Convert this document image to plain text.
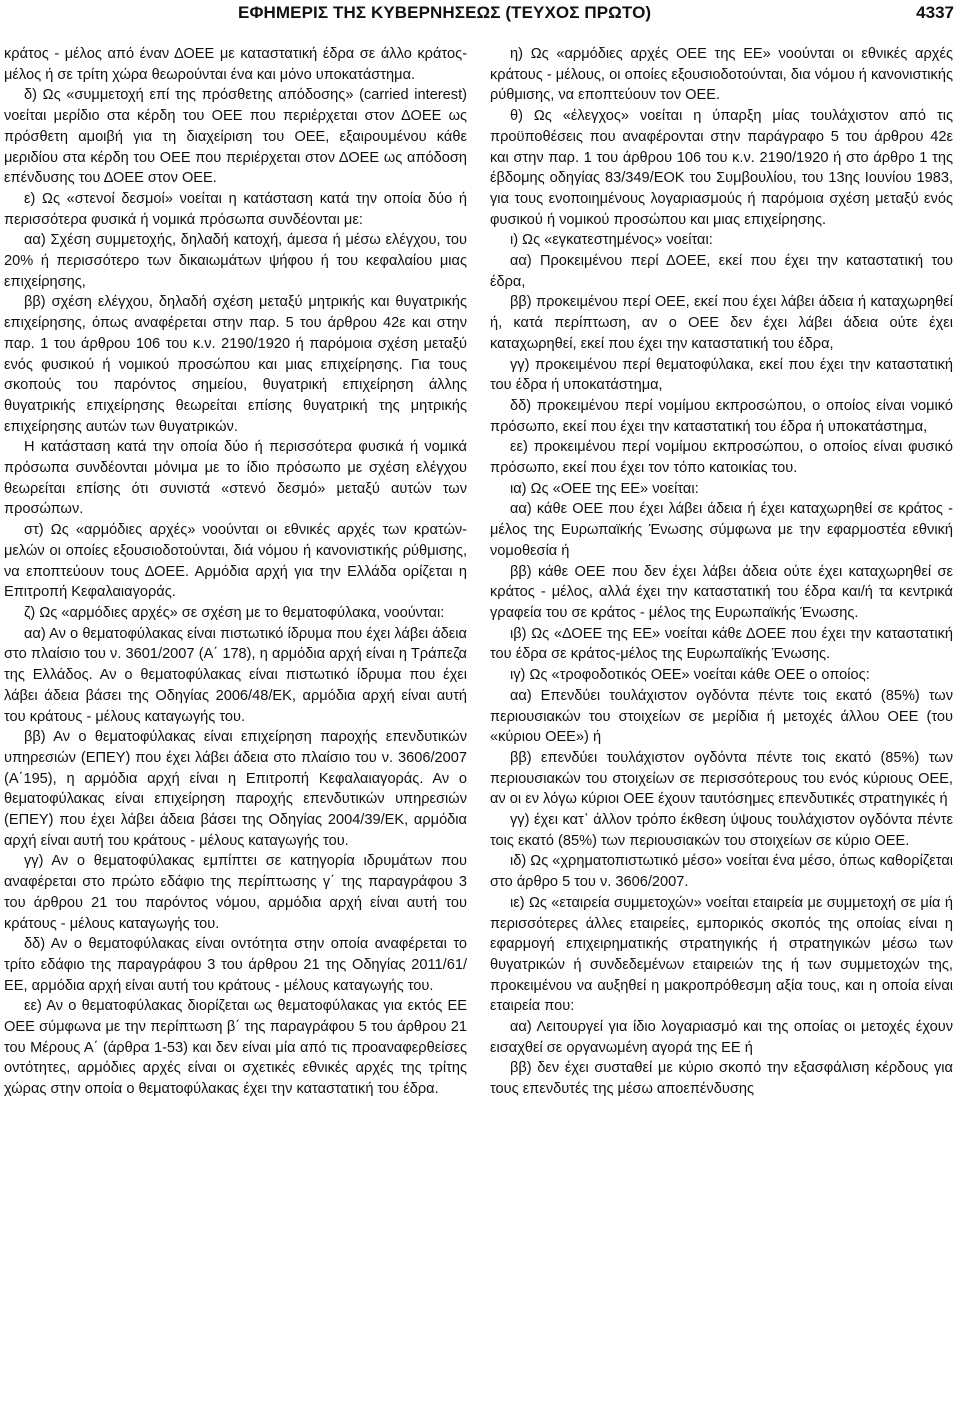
ΕΦΗΜΕΡΙΣ ΤΗΣ ΚΥΒΕΡΝΗΣΕΩΣ (ΤΕΥΧΟΣ ΠΡΩΤΟ)	4337

κράτος - μέλος από έναν ΔΟΕΕ με καταστατική έδρα σε άλλο κράτος-μέλος ή σε τρίτη χώρα θεωρούνται ένα και μόνο υποκατάστημα.

δ) Ως «συμμετοχή επί της πρόσθετης απόδοσης» (carried interest) νοείται μερίδιο στα κέρδη του ΟΕΕ που περιέρχεται στον ΔΟΕΕ ως πρόσθετη αμοιβή για τη διαχείριση του ΟΕΕ, εξαιρουμένου κάθε μεριδίου στα κέρδη του ΟΕΕ που περιέρχεται στον ΔΟΕΕ ως απόδοση επένδυσης του ΔΟΕΕ στον ΟΕΕ.

ε) Ως «στενοί δεσμοί» νοείται η κατάσταση κατά την οποία δύο ή περισσότερα φυσικά ή νομικά πρόσωπα συνδέονται με:

αα) Σχέση συμμετοχής, δηλαδή κατοχή, άμεσα ή μέσω ελέγχου, του 20% ή περισσότερο των δικαιωμάτων ψήφου ή του κεφαλαίου μιας επιχείρησης,

ββ) σχέση ελέγχου, δηλαδή σχέση μεταξύ μητρικής και θυγατρικής επιχείρησης, όπως αναφέρεται στην παρ. 5 του άρθρου 42ε και στην παρ. 1 του άρθρου 106 του κ.ν. 2190/1920 ή παρόμοια σχέση μεταξύ ενός φυσικού ή νομικού προσώπου και μιας επιχείρησης. Για τους σκοπούς του παρόντος σημείου, θυγατρική επιχείρηση άλλης θυγατρικής επιχείρησης θεωρείται επίσης θυγατρική της μητρικής επιχείρησης αυτών των θυγατρικών.

Η κατάσταση κατά την οποία δύο ή περισσότερα φυσικά ή νομικά πρόσωπα συνδέονται μόνιμα με το ίδιο πρόσωπο με σχέση ελέγχου θεωρείται επίσης ότι συνιστά «στενό δεσμό» μεταξύ αυτών των προσώπων.

στ) Ως «αρμόδιες αρχές» νοούνται οι εθνικές αρχές των κρατών-μελών οι οποίες εξουσιοδοτούνται, διά νόμου ή κανονιστικής ρύθμισης, να εποπτεύουν τους ΔΟΕΕ. Αρμόδια αρχή για την Ελλάδα ορίζεται η Επιτροπή Κεφαλαιαγοράς.

ζ) Ως «αρμόδιες αρχές» σε σχέση με το θεματοφύλακα, νοούνται:

αα) Αν ο θεματοφύλακας είναι πιστωτικό ίδρυμα που έχει λάβει άδεια στο πλαίσιο του ν. 3601/2007 (Α΄ 178), η αρμόδια αρχή είναι η Τράπεζα της Ελλάδος. Αν ο θεματοφύλακας είναι πιστωτικό ίδρυμα που έχει λάβει άδεια βάσει της Οδηγίας 2006/48/ΕΚ, αρμόδια αρχή είναι αυτή του κράτους - μέλους καταγωγής του.

ββ) Αν ο θεματοφύλακας είναι επιχείρηση παροχής επενδυτικών υπηρεσιών (ΕΠΕΥ) που έχει λάβει άδεια στο πλαίσιο του ν. 3606/2007 (Α΄195), η αρμόδια αρχή είναι η Επιτροπή Κεφαλαιαγοράς. Αν ο θεματοφύλακας είναι επιχείρηση παροχής επενδυτικών υπηρεσιών (ΕΠΕΥ) που έχει λάβει άδεια βάσει της Οδηγίας 2004/39/ΕΚ, αρμόδια αρχή είναι αυτή του κράτους - μέλους καταγωγής του.

γγ) Αν ο θεματοφύλακας εμπίπτει σε κατηγορία ιδρυμάτων που αναφέρεται στο πρώτο εδάφιο της περίπτωσης γ΄ της παραγράφου 3 του άρθρου 21 του παρόντος νόμου, αρμόδια αρχή είναι αυτή του κράτους - μέλους καταγωγής του.

δδ) Αν ο θεματοφύλακας είναι οντότητα στην οποία αναφέρεται το τρίτο εδάφιο της παραγράφου 3 του άρθρου 21 της Οδηγίας 2011/61/ΕΕ, αρμόδια αρχή είναι αυτή του κράτους - μέλους καταγωγής του.

εε) Αν ο θεματοφύλακας διορίζεται ως θεματοφύλακας για εκτός ΕΕ ΟΕΕ σύμφωνα με την περίπτωση β΄ της παραγράφου 5 του άρθρου 21 του Μέρους Α΄ (άρθρα 1-53) και δεν είναι μία από τις προαναφερθείσες οντότητες, αρμόδιες αρχές είναι οι σχετικές εθνικές αρχές της τρίτης χώρας στην οποία ο θεματοφύλακας έχει την καταστατική του έδρα.

η) Ως «αρμόδιες αρχές ΟΕΕ της ΕΕ» νοούνται οι εθνικές αρχές κράτους - μέλους, οι οποίες εξουσιοδοτούνται, δια νόμου ή κανονιστικής ρύθμισης, να εποπτεύουν τον ΟΕΕ.

θ) Ως «έλεγχος» νοείται η ύπαρξη μίας τουλάχιστον από τις προϋποθέσεις που αναφέρονται στην παράγραφο 5 του άρθρου 42ε και στην παρ. 1 του άρθρου 106 του κ.ν. 2190/1920 ή στο άρθρο 1 της έβδομης οδηγίας 83/349/ΕΟΚ του Συμβουλίου, του 13ης Ιουνίου 1983, για τους ενοποιημένους λογαριασμούς ή παρόμοια σχέση μεταξύ ενός φυσικού ή νομικού προσώπου και μιας επιχείρησης.

ι) Ως «εγκατεστημένος» νοείται:

αα) Προκειμένου περί ΔΟΕΕ, εκεί που έχει την καταστατική του έδρα,

ββ) προκειμένου περί ΟΕΕ, εκεί που έχει λάβει άδεια ή καταχωρηθεί ή, κατά περίπτωση, αν ο ΟΕΕ δεν έχει λάβει άδεια ούτε έχει καταχωρηθεί, εκεί που έχει την καταστατική του έδρα,

γγ) προκειμένου περί θεματοφύλακα, εκεί που έχει την καταστατική του έδρα ή υποκατάστημα,

δδ) προκειμένου περί νομίμου εκπροσώπου, ο οποίος είναι νομικό πρόσωπο, εκεί που έχει την καταστατική του έδρα ή υποκατάστημα,

εε) προκειμένου περί νομίμου εκπροσώπου, ο οποίος είναι φυσικό πρόσωπο, εκεί που έχει τον τόπο κατοικίας του.

ια) Ως «ΟΕΕ της ΕΕ» νοείται:

αα) κάθε ΟΕΕ που έχει λάβει άδεια ή έχει καταχωρηθεί σε κράτος - μέλος της Ευρωπαϊκής Ένωσης σύμφωνα με την εφαρμοστέα εθνική νομοθεσία ή

ββ) κάθε ΟΕΕ που δεν έχει λάβει άδεια ούτε έχει καταχωρηθεί σε κράτος - μέλος, αλλά έχει την καταστατική του έδρα και/ή τα κεντρικά γραφεία του σε κράτος - μέλος της Ευρωπαϊκής Ένωσης.

ιβ) Ως «ΔΟΕΕ της ΕΕ» νοείται κάθε ΔΟΕΕ που έχει την καταστατική του έδρα σε κράτος-μέλος της Ευρωπαϊκής Ένωσης.

ιγ) Ως «τροφοδοτικός ΟΕΕ» νοείται κάθε ΟΕΕ ο οποίος:

αα) Επενδύει τουλάχιστον ογδόντα πέντε τοις εκατό (85%) των περιουσιακών του στοιχείων σε μερίδια ή μετοχές άλλου ΟΕΕ (του «κύριου ΟΕΕ») ή

ββ) επενδύει τουλάχιστον ογδόντα πέντε τοις εκατό (85%) των περιουσιακών του στοιχείων σε περισσότερους του ενός κύριους ΟΕΕ, αν οι εν λόγω κύριοι ΟΕΕ έχουν ταυτόσημες επενδυτικές στρατηγικές ή

γγ) έχει κατ᾽ άλλον τρόπο έκθεση ύψους τουλάχιστον ογδόντα πέντε τοις εκατό (85%) των περιουσιακών του στοιχείων σε κύριο ΟΕΕ.

ιδ) Ως «χρηματοπιστωτικό μέσο» νοείται ένα μέσο, όπως καθορίζεται στο άρθρο 5 του ν. 3606/2007.

ιε) Ως «εταιρεία συμμετοχών» νοείται εταιρεία με συμμετοχή σε μία ή περισσότερες άλλες εταιρείες, εμπορικός σκοπός της οποίας είναι η εφαρμογή επιχειρηματικής στρατηγικής ή στρατηγικών μέσω των θυγατρικών ή συνδεδεμένων εταιρειών της ή των συμμετοχών της, προκειμένου να αυξηθεί η μακροπρόθεσμη αξία τους, και η οποία είναι εταιρεία που:

αα) Λειτουργεί για ίδιο λογαριασμό και της οποίας οι μετοχές έχουν εισαχθεί σε οργανωμένη αγορά της ΕΕ ή

ββ) δεν έχει συσταθεί με κύριο σκοπό την εξασφάλιση κέρδους για τους επενδυτές της μέσω αποεπένδυσης
